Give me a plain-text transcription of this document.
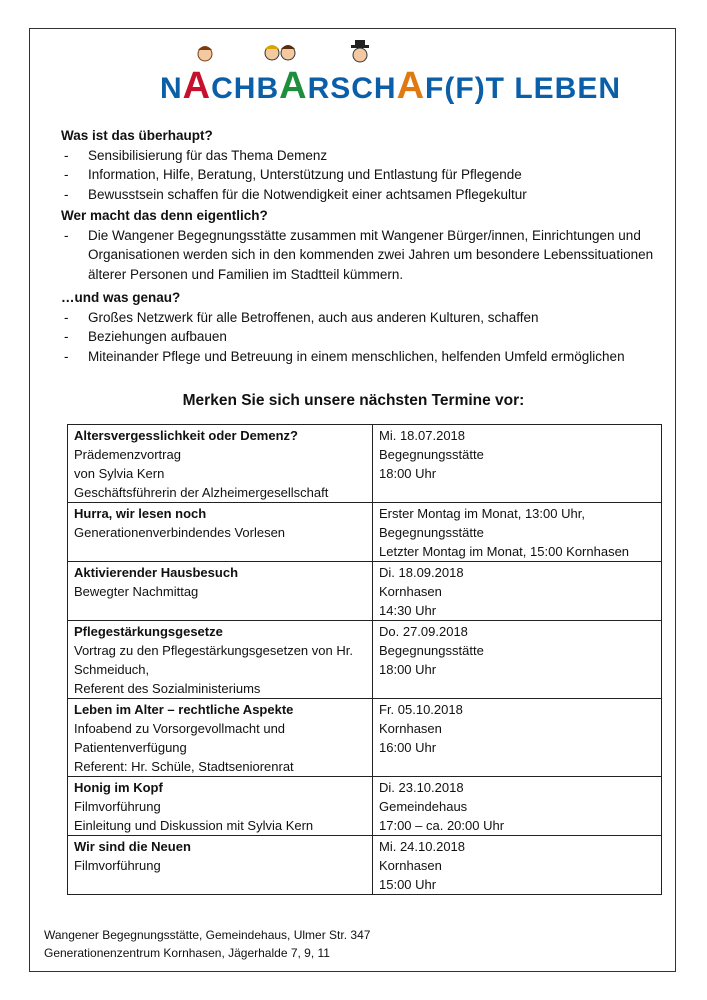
NACHBARSCHAF(F)T LEBEN
Was ist das überhaupt?
- Sensibilisierung für das Thema Demenz
- Information, Hilfe, Beratung, Unterstützung und Entlastung für Pflegende
- Bewusstsein schaffen für die Notwendigkeit einer achtsamen Pflegekultur
Wer macht das denn eigentlich?
- Die Wangener Begegnungsstätte zusammen mit Wangener Bürger/innen, Einrichtungen und Organisationen werden sich in den kommenden zwei Jahren um besondere Lebenssituationen älterer Personen und Familien im Stadtteil kümmern.
…und was genau?
- Großes Netzwerk für alle Betroffenen, auch aus anderen Kulturen, schaffen
- Beziehungen aufbauen
- Miteinander Pflege und Betreuung in einem menschlichen, helfenden Umfeld ermöglichen
Merken Sie sich unsere nächsten Termine vor:
Altersvergesslichkeit oder Demenz?
Prädemenzvortrag
von Sylvia Kern
Geschäftsführerin der Alzheimergesellschaft	Mi. 18.07.2018
Begegnungsstätte
18:00 Uhr

Hurra, wir lesen noch
Generationenverbindendes Vorlesen	Erster Montag im Monat, 13:00 Uhr, Begegnungsstätte
Letzter Montag im Monat, 15:00 Kornhasen

Aktivierender Hausbesuch
Bewegter Nachmittag	Di. 18.09.2018
Kornhasen
14:30 Uhr

Pflegestärkungsgesetze
Vortrag zu den Pflegestärkungsgesetzen von Hr. Schmeiduch,
Referent des Sozialministeriums	Do. 27.09.2018
Begegnungsstätte
18:00 Uhr

Leben im Alter – rechtliche Aspekte
Infoabend zu Vorsorgevollmacht und Patientenverfügung
Referent: Hr. Schüle, Stadtseniorenrat	Fr. 05.10.2018
Kornhasen
16:00 Uhr

Honig im Kopf
Filmvorführung
Einleitung und Diskussion mit Sylvia Kern	Di. 23.10.2018
Gemeindehaus
17:00 – ca. 20:00 Uhr

Wir sind die Neuen
Filmvorführung	Mi. 24.10.2018
Kornhasen
15:00 Uhr
Wangener Begegnungsstätte, Gemeindehaus, Ulmer Str. 347
Generationenzentrum Kornhasen, Jägerhalde 7, 9, 11
